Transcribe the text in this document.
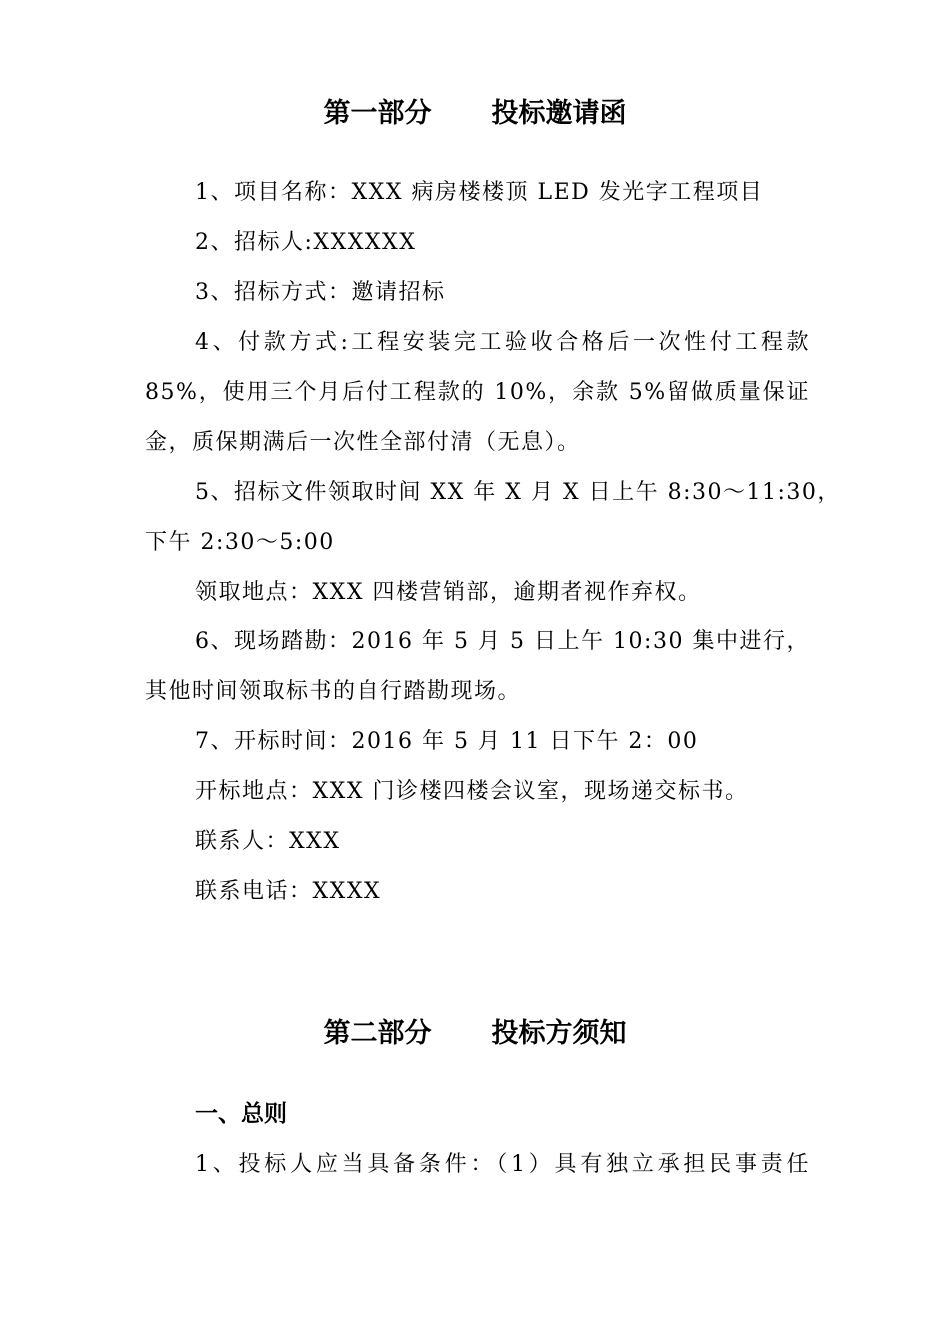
第一部分 投标邀请函
1、项目名称：XXX 病房楼楼顶 LED 发光字工程项目
2、招标人:XXXXXX
3、招标方式：邀请招标
4、付款方式:工程安装完工验收合格后一次性付工程款
85%，使用三个月后付工程款的 10%，余款 5%留做质量保证
金，质保期满后一次性全部付清（无息）。
5、招标文件领取时间 XX 年 X 月 X 日上午 8:30～11:30，
下午 2:30～5:00
领取地点：XXX 四楼营销部，逾期者视作弃权。
6、现场踏勘：2016 年 5 月 5 日上午 10:30 集中进行，
其他时间领取标书的自行踏勘现场。
7、开标时间：2016 年 5 月 11 日下午 2：00
开标地点：XXX 门诊楼四楼会议室，现场递交标书。
联系人：XXX
联系电话：XXXX
第二部分 投标方须知
一、总则
1、投标人应当具备条件：（1）具有独立承担民事责任
